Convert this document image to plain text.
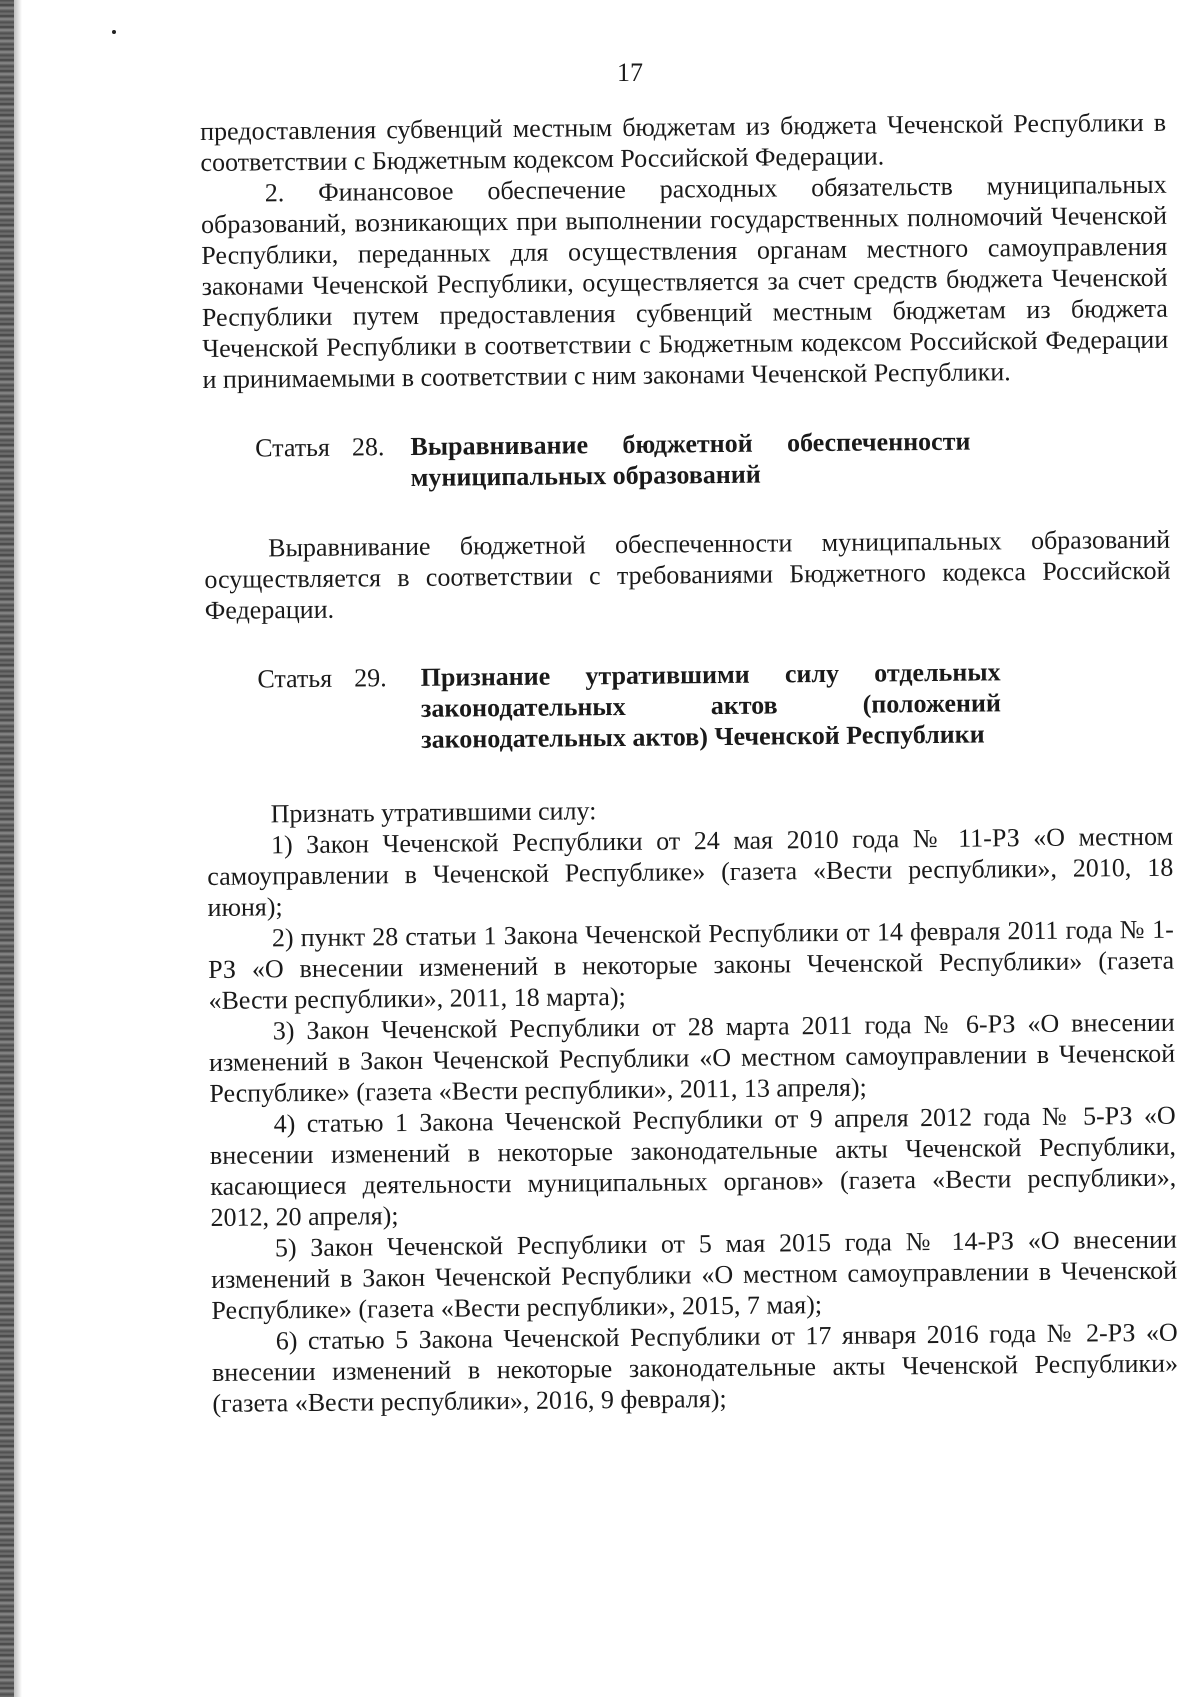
17

предоставления субвенций местным бюджетам из бюджета Чеченской Республики в соответствии с Бюджетным кодексом Российской Федерации.

2. Финансовое обеспечение расходных обязательств муниципальных образований, возникающих при выполнении государственных полномочий Чеченской Республики, переданных для осуществления органам местного самоуправления законами Чеченской Республики, осуществляется за счет средств бюджета Чеченской Республики путем предоставления субвенций местным бюджетам из бюджета Чеченской Республики в соответствии с Бюджетным кодексом Российской Федерации и принимаемыми в соответствии с ним законами Чеченской Республики.

Статья 28. Выравнивание бюджетной обеспеченности муниципальных образований

Выравнивание бюджетной обеспеченности муниципальных образований осуществляется в соответствии с требованиями Бюджетного кодекса Российской Федерации.

Статья 29. Признание утратившими силу отдельных законодательных актов (положений законодательных актов) Чеченской Республики

Признать утратившими силу:

1) Закон Чеченской Республики от 24 мая 2010 года № 11-РЗ «О местном самоуправлении в Чеченской Республике» (газета «Вести республики», 2010, 18 июня);

2) пункт 28 статьи 1 Закона Чеченской Республики от 14 февраля 2011 года № 1-РЗ «О внесении изменений в некоторые законы Чеченской Республики» (газета «Вести республики», 2011, 18 марта);

3) Закон Чеченской Республики от 28 марта 2011 года № 6-РЗ «О внесении изменений в Закон Чеченской Республики «О местном самоуправлении в Чеченской Республике» (газета «Вести республики», 2011, 13 апреля);

4) статью 1 Закона Чеченской Республики от 9 апреля 2012 года № 5-РЗ «О внесении изменений в некоторые законодательные акты Чеченской Республики, касающиеся деятельности муниципальных органов» (газета «Вести республики», 2012, 20 апреля);

5) Закон Чеченской Республики от 5 мая 2015 года № 14-РЗ «О внесении изменений в Закон Чеченской Республики «О местном самоуправлении в Чеченской Республике» (газета «Вести республики», 2015, 7 мая);

6) статью 5 Закона Чеченской Республики от 17 января 2016 года № 2-РЗ «О внесении изменений в некоторые законодательные акты Чеченской Республики» (газета «Вести республики», 2016, 9 февраля);
